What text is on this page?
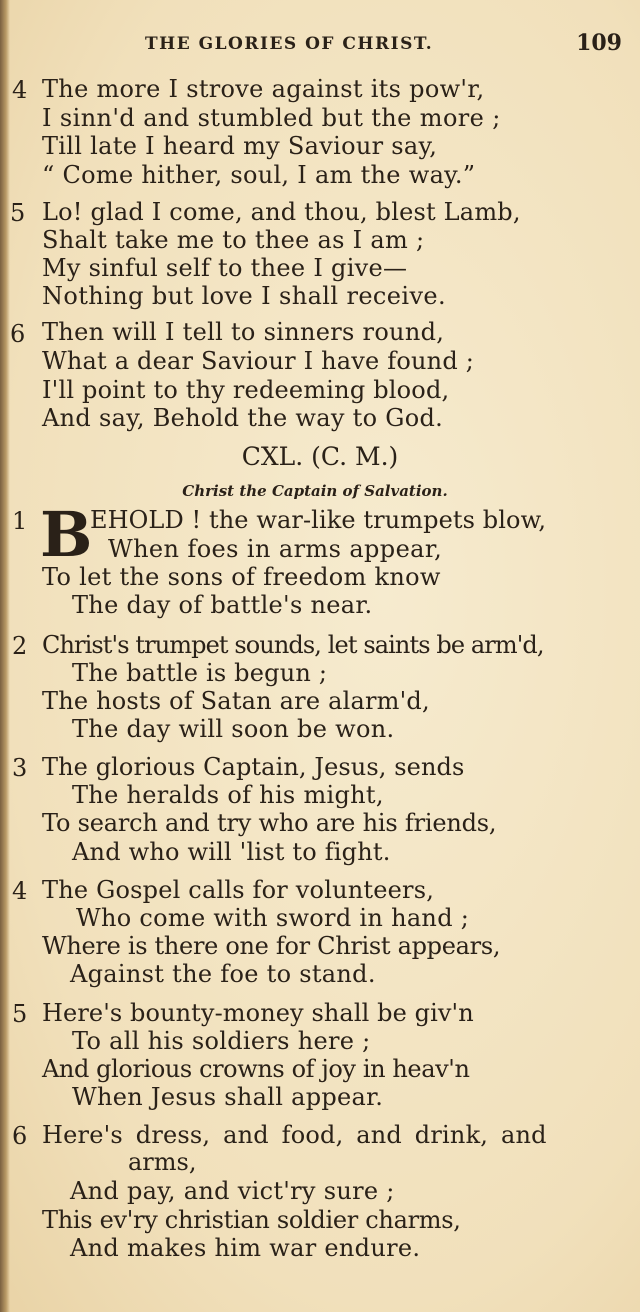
THE GLORIES OF CHRIST.	109
4 The more I strove against its pow'r,
I sinn'd and stumbled but the more ;
Till late I heard my Saviour say,
“ Come hither, soul, I am the way.”
5 Lo! glad I come, and thou, blest Lamb,
Shalt take me to thee as I am ;
My sinful self to thee I give—
Nothing but love I shall receive.
6 Then will I tell to sinners round,
What a dear Saviour I have found ;
I'll point to thy redeeming blood,
And say, Behold the way to God.
CXL. (C. M.)
Christ the Captain of Salvation.
1 B
EHOLD ! the war-like trumpets blow,
When foes in arms appear,
To let the sons of freedom know
The day of battle's near.
2 Christ's trumpet sounds, let saints be arm'd,
The battle is begun ;
The hosts of Satan are alarm'd,
The day will soon be won.
3 The glorious Captain, Jesus, sends
The heralds of his might,
To search and try who are his friends,
And who will 'list to fight.
4 The Gospel calls for volunteers,
Who come with sword in hand ;
Where is there one for Christ appears,
Against the foe to stand.
5 Here's bounty-money shall be giv'n
To all his soldiers here ;
And glorious crowns of joy in heav'n
When Jesus shall appear.
6 Here's dress, and food, and drink, and
arms,
And pay, and vict'ry sure ;
This ev'ry christian soldier charms,
And makes him war endure.
